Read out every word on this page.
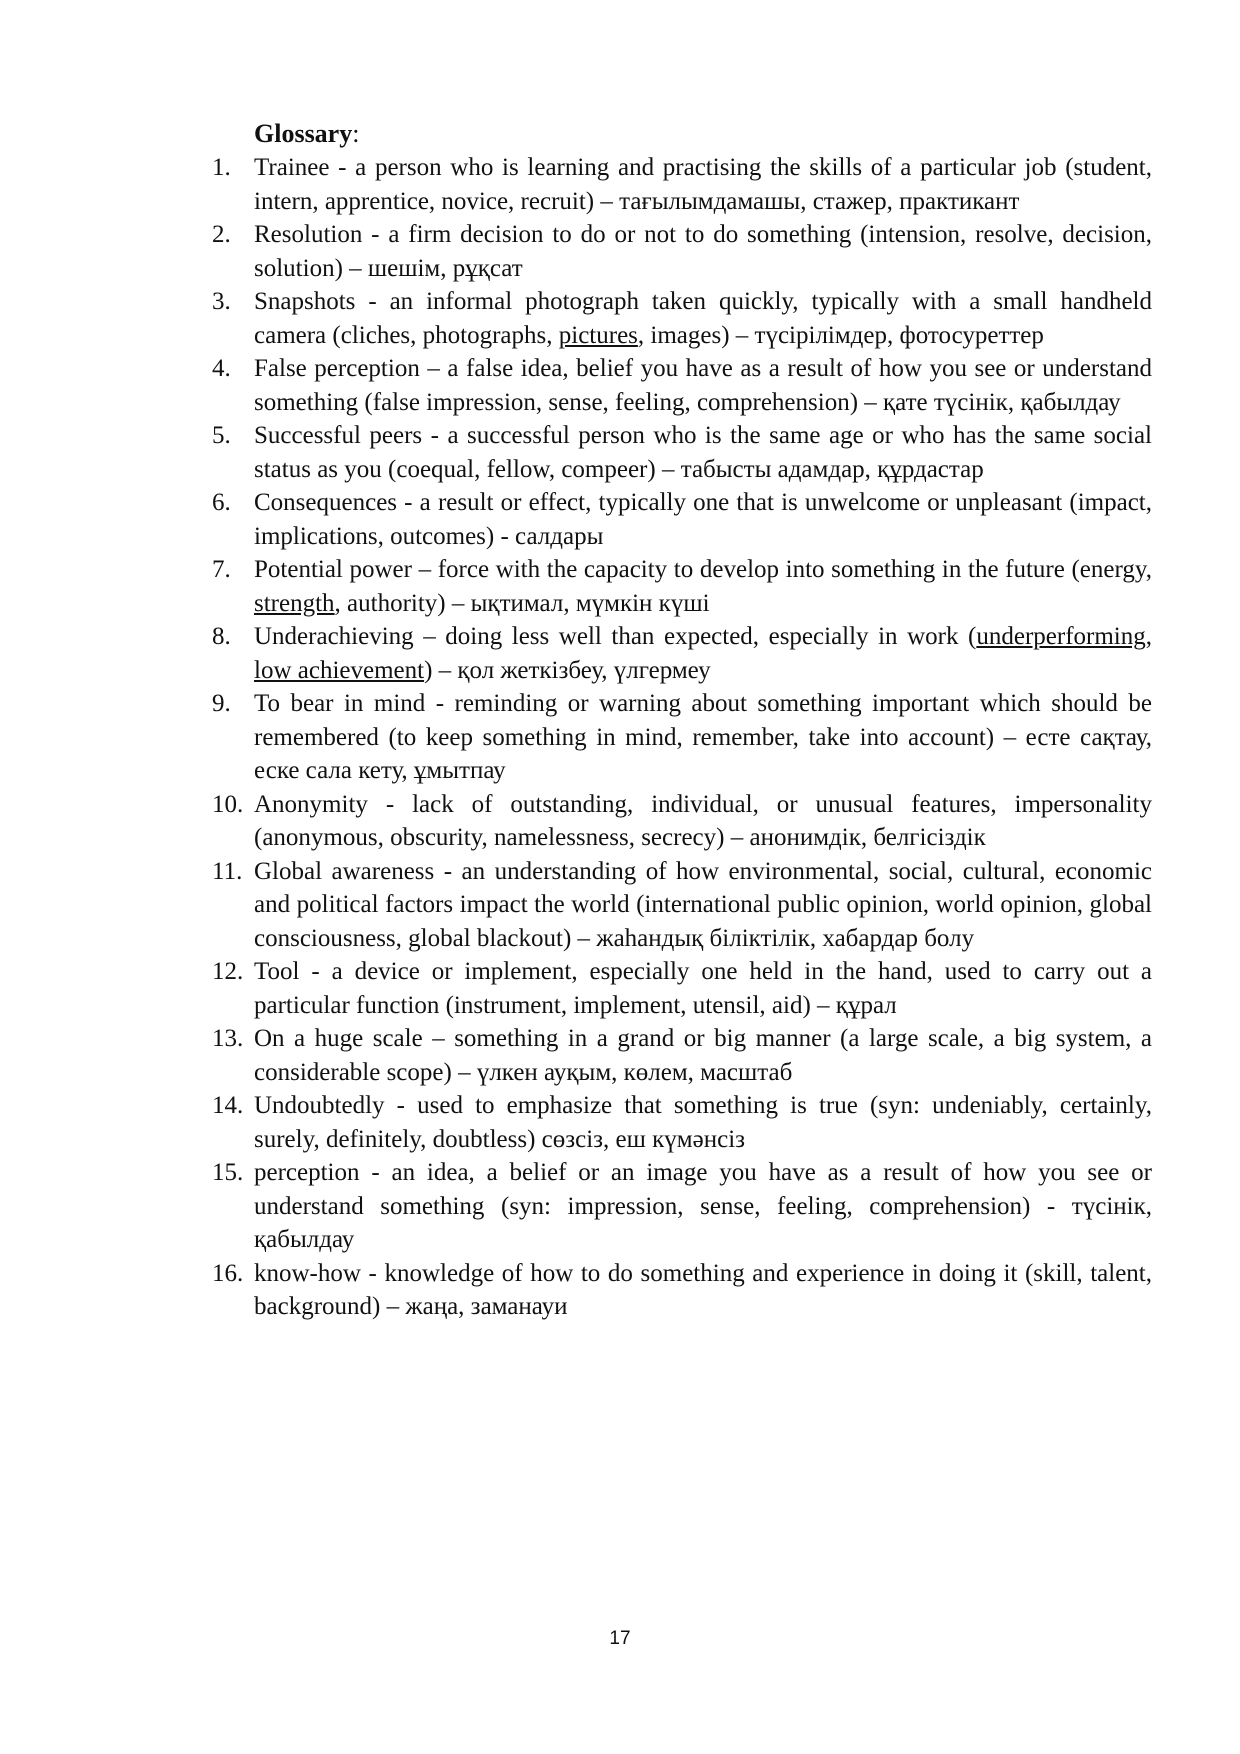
Glossary:
1. Trainee - a person who is learning and practising the skills of a particular job (student, intern, apprentice, novice, recruit) – тағылымдамашы, стажер, практикант
2. Resolution - a firm decision to do or not to do something (intension, resolve, decision, solution) – шешім, рұқсат
3. Snapshots - an informal photograph taken quickly, typically with a small handheld camera (cliches, photographs, pictures, images) – түсірілімдер, фотосуреттер
4. False perception – a false idea, belief you have as a result of how you see or understand something (false impression, sense, feeling, comprehension) – қате түсінік, қабылдау
5. Successful peers - a successful person who is the same age or who has the same social status as you (coequal, fellow, compeer) – табысты адамдар, құрдастар
6. Consequences - a result or effect, typically one that is unwelcome or unpleasant (impact, implications, outcomes) - салдары
7. Potential power – force with the capacity to develop into something in the future (energy, strength, authority) – ықтимал, мүмкін күші
8. Underachieving – doing less well than expected, especially in work (underperforming, low achievement) – қол жеткізбеу, үлгермеу
9. To bear in mind - reminding or warning about something important which should be remembered (to keep something in mind, remember, take into account) – есте сақтау, еске сала кету, ұмытпау
10. Anonymity - lack of outstanding, individual, or unusual features, impersonality (anonymous, obscurity, namelessness, secrecy) – анонимдік, белгісіздік
11. Global awareness - an understanding of how environmental, social, cultural, economic and political factors impact the world (international public opinion, world opinion, global consciousness, global blackout) – жаһандық біліктілік, хабардар болу
12. Tool - a device or implement, especially one held in the hand, used to carry out a particular function (instrument, implement, utensil, aid) – құрал
13. On a huge scale – something in a grand or big manner (a large scale, a big system, a considerable scope) – үлкен ауқым, көлем, масштаб
14. Undoubtedly - used to emphasize that something is true (syn: undeniably, certainly, surely, definitely, doubtless) сөзсіз, еш күмәнсіз
15. perception - an idea, a belief or an image you have as a result of how you see or understand something (syn: impression, sense, feeling, comprehension) - түсінік, қабылдау
16. know-how - knowledge of how to do something and experience in doing it (skill, talent, background) – жаңа, заманауи
17
